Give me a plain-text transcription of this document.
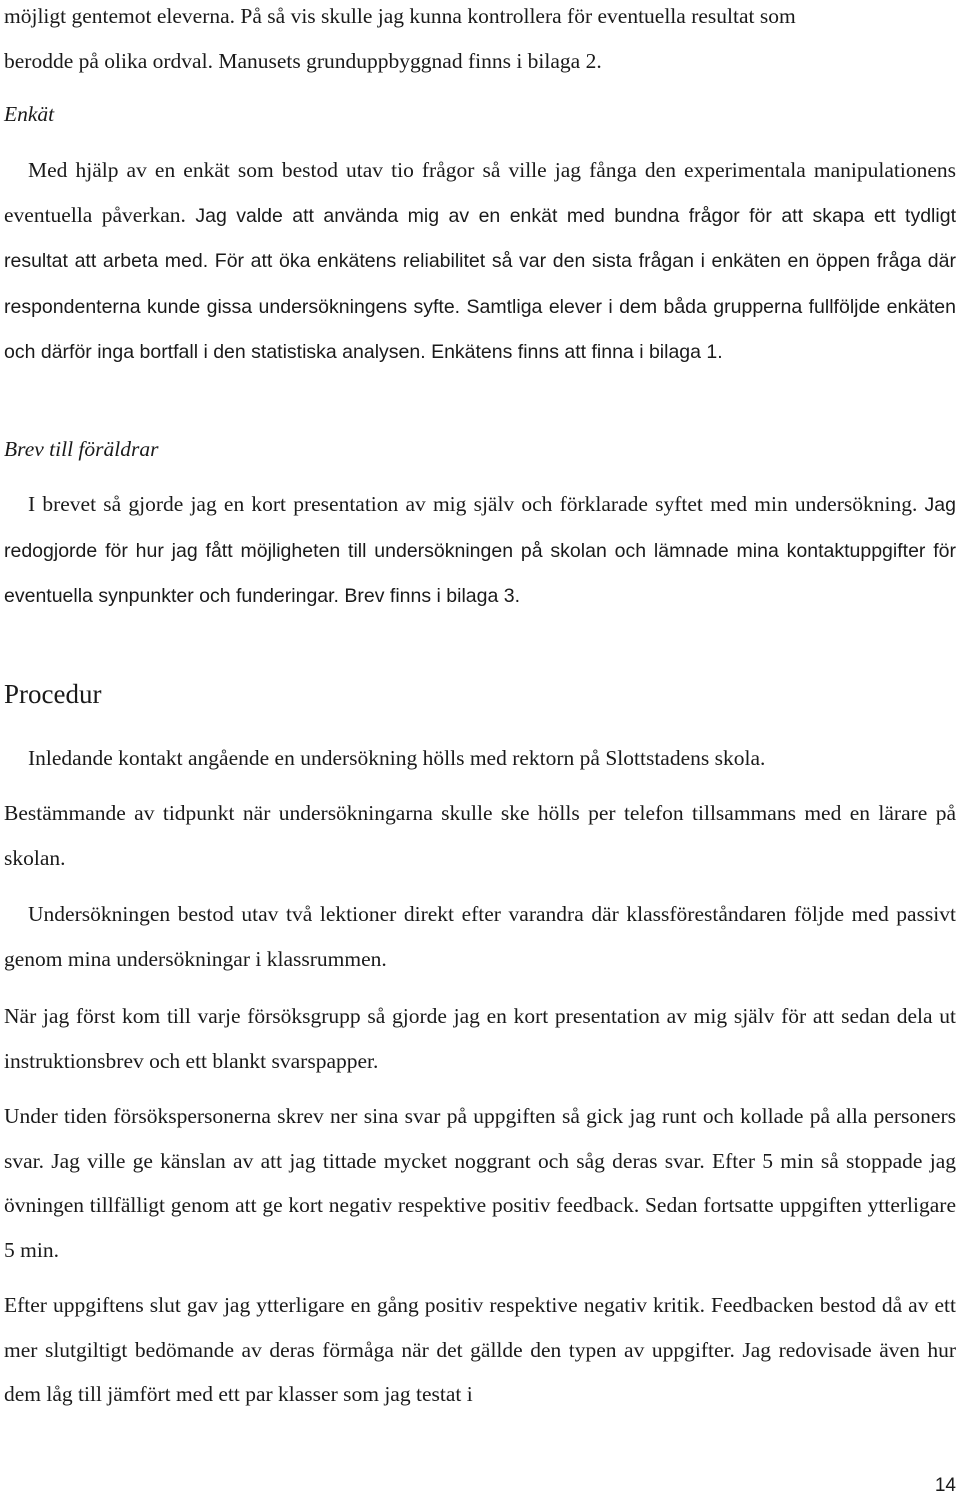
möjligt gentemot eleverna. På så vis skulle jag kunna kontrollera för eventuella resultat som
berodde på olika ordval. Manusets grunduppbyggnad finns i bilaga 2.

Enkät

Med hjälp av en enkät som bestod utav tio frågor så ville jag fånga den experimentala manipulationens eventuella påverkan. Jag valde att använda mig av en enkät med bundna frågor för att skapa ett tydligt resultat att arbeta med. För att öka enkätens reliabilitet så var den sista frågan i enkäten en öppen fråga där respondenterna kunde gissa undersökningens syfte. Samtliga elever i dem båda grupperna fullföljde enkäten och därför inga bortfall i den statistiska analysen. Enkätens finns att finna i bilaga 1.

Brev till föräldrar

I brevet så gjorde jag en kort presentation av mig själv och förklarade syftet med min undersökning. Jag redogjorde för hur jag fått möjligheten till undersökningen på skolan och lämnade mina kontaktuppgifter för eventuella synpunkter och funderingar. Brev finns i bilaga 3.

Procedur

Inledande kontakt angående en undersökning hölls med rektorn på Slottstadens skola.

Bestämmande av tidpunkt när undersökningarna skulle ske hölls per telefon tillsammans med en lärare på skolan.

Undersökningen bestod utav två lektioner direkt efter varandra där klassföreståndaren följde med passivt genom mina undersökningar i klassrummen.

När jag först kom till varje försöksgrupp så gjorde jag en kort presentation av mig själv för att sedan dela ut instruktionsbrev och ett blankt svarspapper.

Under tiden försökspersonerna skrev ner sina svar på uppgiften så gick jag runt och kollade på alla personers svar. Jag ville ge känslan av att jag tittade mycket noggrant och såg deras svar. Efter 5 min så stoppade jag övningen tillfälligt genom att ge kort negativ respektive positiv feedback. Sedan fortsatte uppgiften ytterligare 5 min.

Efter uppgiftens slut gav jag ytterligare en gång positiv respektive negativ kritik. Feedbacken bestod då av ett mer slutgiltigt bedömande av deras förmåga när det gällde den typen av uppgifter. Jag redovisade även hur dem låg till jämfört med ett par klasser som jag testat i

14
